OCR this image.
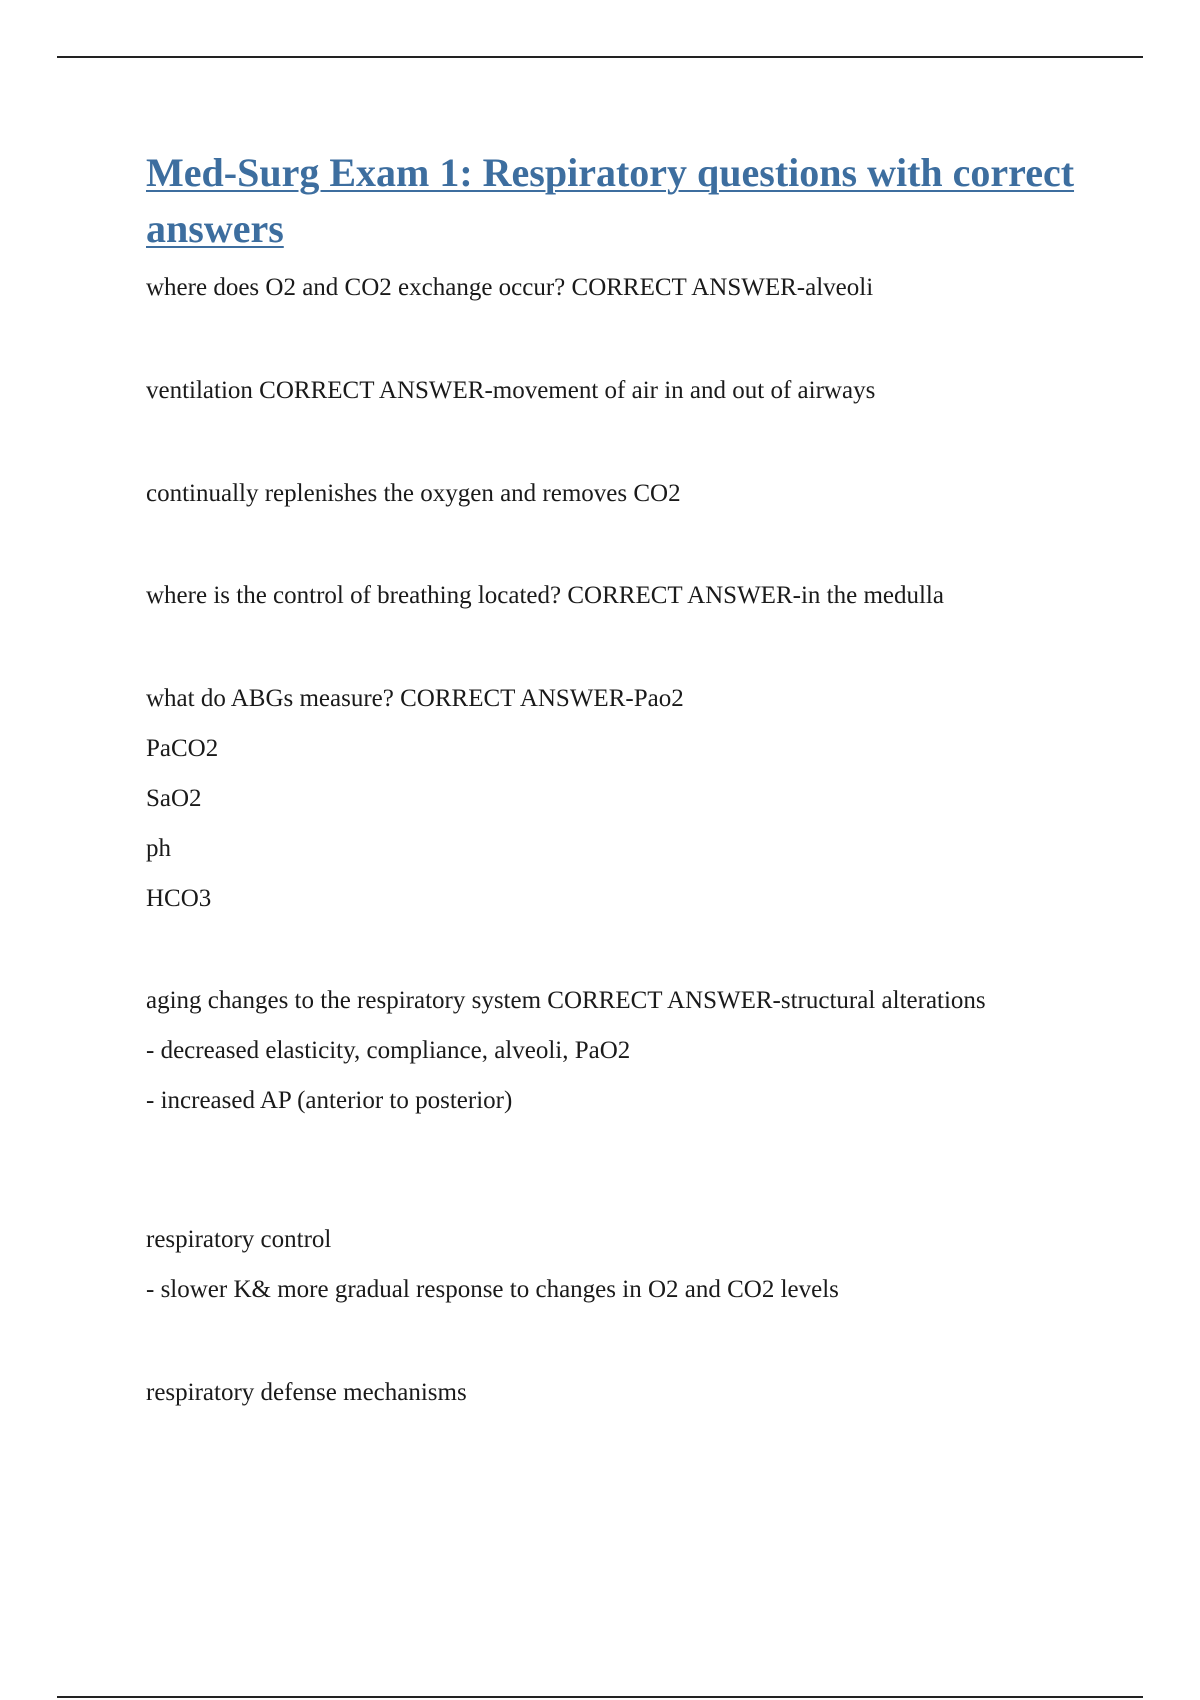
Med-Surg Exam 1: Respiratory questions with correct answers

where does O2 and CO2 exchange occur? CORRECT ANSWER-alveoli

ventilation CORRECT ANSWER-movement of air in and out of airways

continually replenishes the oxygen and removes CO2

where is the control of breathing located? CORRECT ANSWER-in the medulla

what do ABGs measure? CORRECT ANSWER-Pao2

PaCO2

SaO2

ph

HCO3

aging changes to the respiratory system CORRECT ANSWER-structural alterations

- decreased elasticity, compliance, alveoli, PaO2

- increased AP (anterior to posterior)

respiratory control

- slower K& more gradual response to changes in O2 and CO2 levels

respiratory defense mechanisms
